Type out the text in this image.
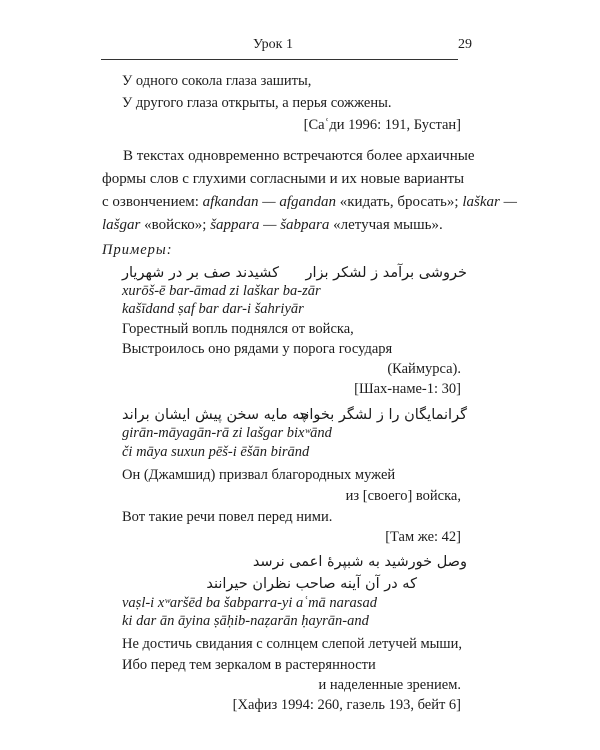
Урок 1	29
У одного сокола глаза зашиты,
У другого глаза открыты, а перья сожжены.
[Саʿди 1996: 191, Бустан]
В текстах одновременно встречаются более архаичные
формы слов с глухими согласными и их новые варианты
с озвончением: afkandan — afgandan «кидать, бросать»; laškar —
lašgar «войско»; šappara — šabpara «летучая мышь».
Примеры:
خروشی برآمد ز لشکر بزار
کشیدند صف بر در شهریار
xurōš-ē bar-āmad zi laškar ba-zār
kašīdand ṣaf bar dar-i šahriyār
Горестный вопль поднялся от войска,
Выстроилось оно рядами у порога государя
(Каймурса).
[Шах-наме-1: 30]
گرانمایگان را ز لشگر بخواند
چه مایه سخن پیش ایشان براند
girān-māyagān-rā zi lašgar bixʷānd
či māya suxun pēš-i ēšān birānd
Он (Джамшид) призвал благородных мужей
из [своего] войска,
Вот такие речи повел перед ними.
[Там же: 42]
وصل خورشید به شبپرهٔ اعمی نرسد
که در آن آینه صاحب نظران حیرانند
vaṣl-i xʷaršēd ba šabparra-yi aʿmā narasad
ki dar ān āyina ṣāḥib-naẓarān ḥayrān-and
Не достичь свидания с солнцем слепой летучей мыши,
Ибо перед тем зеркалом в растерянности
и наделенные зрением.
[Хафиз 1994: 260, газель 193, бейт 6]
